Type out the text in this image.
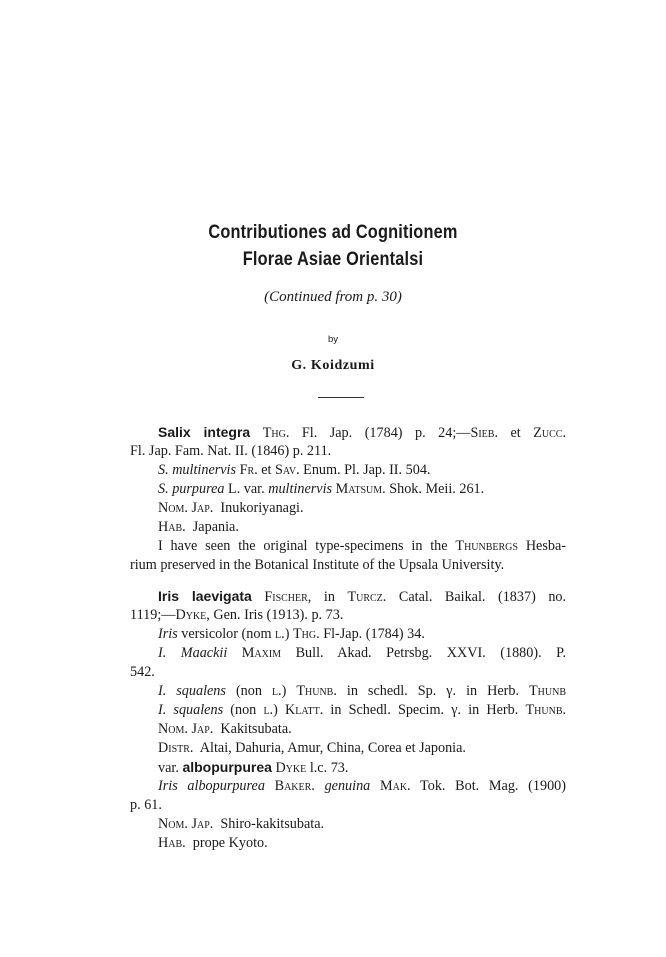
Contributiones ad Cognitionem
Florae Asiae Orientalsi
(Continued from p. 30)
by
G. Koidzumi
Salix integra Thg. Fl. Jap. (1784) p. 24;—Sieb. et Zucc.
Fl. Jap. Fam. Nat. II. (1846) p. 211.
S. multinervis Fr. et Sav. Enum. Pl. Jap. II. 504.
S. purpurea L. var. multinervis Matsum. Shok. Meii. 261.
Nom. Jap. Inukoriyanagi.
Hab. Japania.
I have seen the original type-specimens in the Thunbergs Hesba-
rium preserved in the Botanical Institute of the Upsala University.
Iris laevigata Fischer, in Turcz. Catal. Baikal. (1837) no.
1119;—Dyke, Gen. Iris (1913). p. 73.
Iris versicolor (nom l.) Thg. Fl-Jap. (1784) 34.
I. Maackii Maxim Bull. Akad. Petrsbg. XXVI. (1880). P.
542.
I. squalens (non l.) Thunb. in schedl. Sp. γ. in Herb. Thunb
I. squalens (non l.) Klatt. in Schedl. Specim. γ. in Herb. Thunb.
Nom. Jap. Kakitsubata.
Distr. Altai, Dahuria, Amur, China, Corea et Japonia.
var. albopurpurea Dyke l.c. 73.
Iris albopurpurea Baker. genuina Mak. Tok. Bot. Mag. (1900)
p. 61.
Nom. Jap. Shiro-kakitsubata.
Hab. prope Kyoto.
